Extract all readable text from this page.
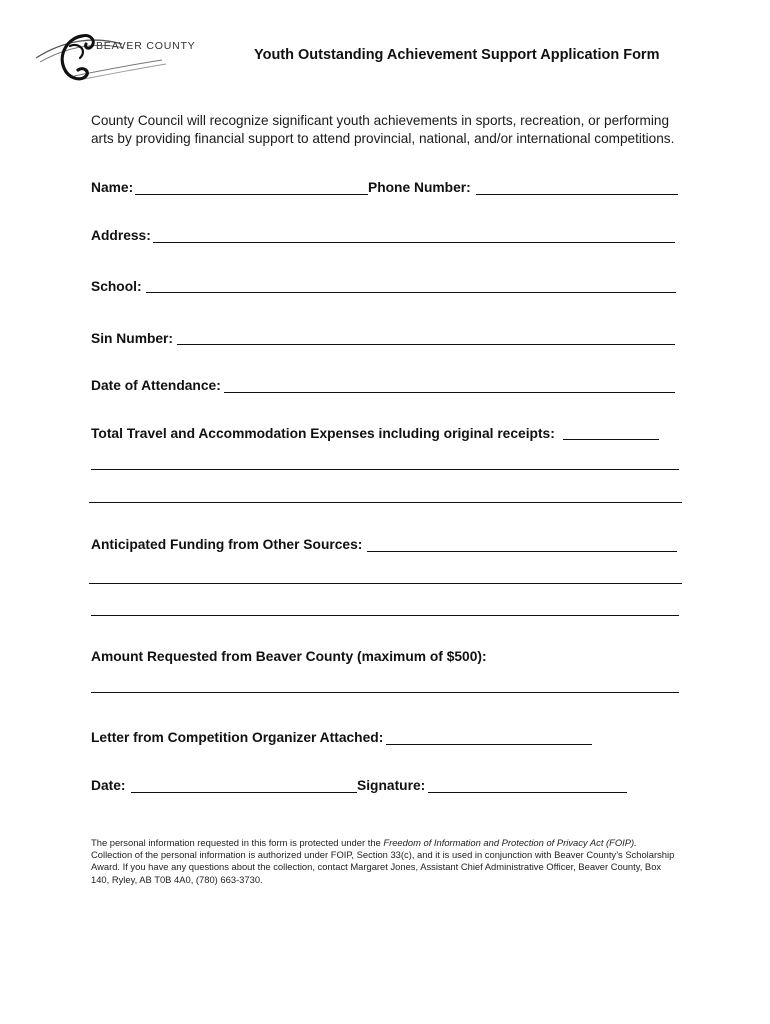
BEAVER COUNTY
Youth Outstanding Achievement Support Application Form
County Council will recognize significant youth achievements in sports, recreation, or performing arts by providing financial support to attend provincial, national, and/or international competitions.
Name:	Phone Number:
Address:
School:
Sin Number:
Date of Attendance:
Total Travel and Accommodation Expenses including original receipts:
Anticipated Funding from Other Sources:
Amount Requested from Beaver County (maximum of $500):
Letter from Competition Organizer Attached:
Date:	Signature:
The personal information requested in this form is protected under the Freedom of Information and Protection of Privacy Act (FOIP). Collection of the personal information is authorized under FOIP, Section 33(c), and it is used in conjunction with Beaver County’s Scholarship Award. If you have any questions about the collection, contact Margaret Jones, Assistant Chief Administrative Officer, Beaver County, Box 140, Ryley, AB T0B 4A0, (780) 663-3730.
